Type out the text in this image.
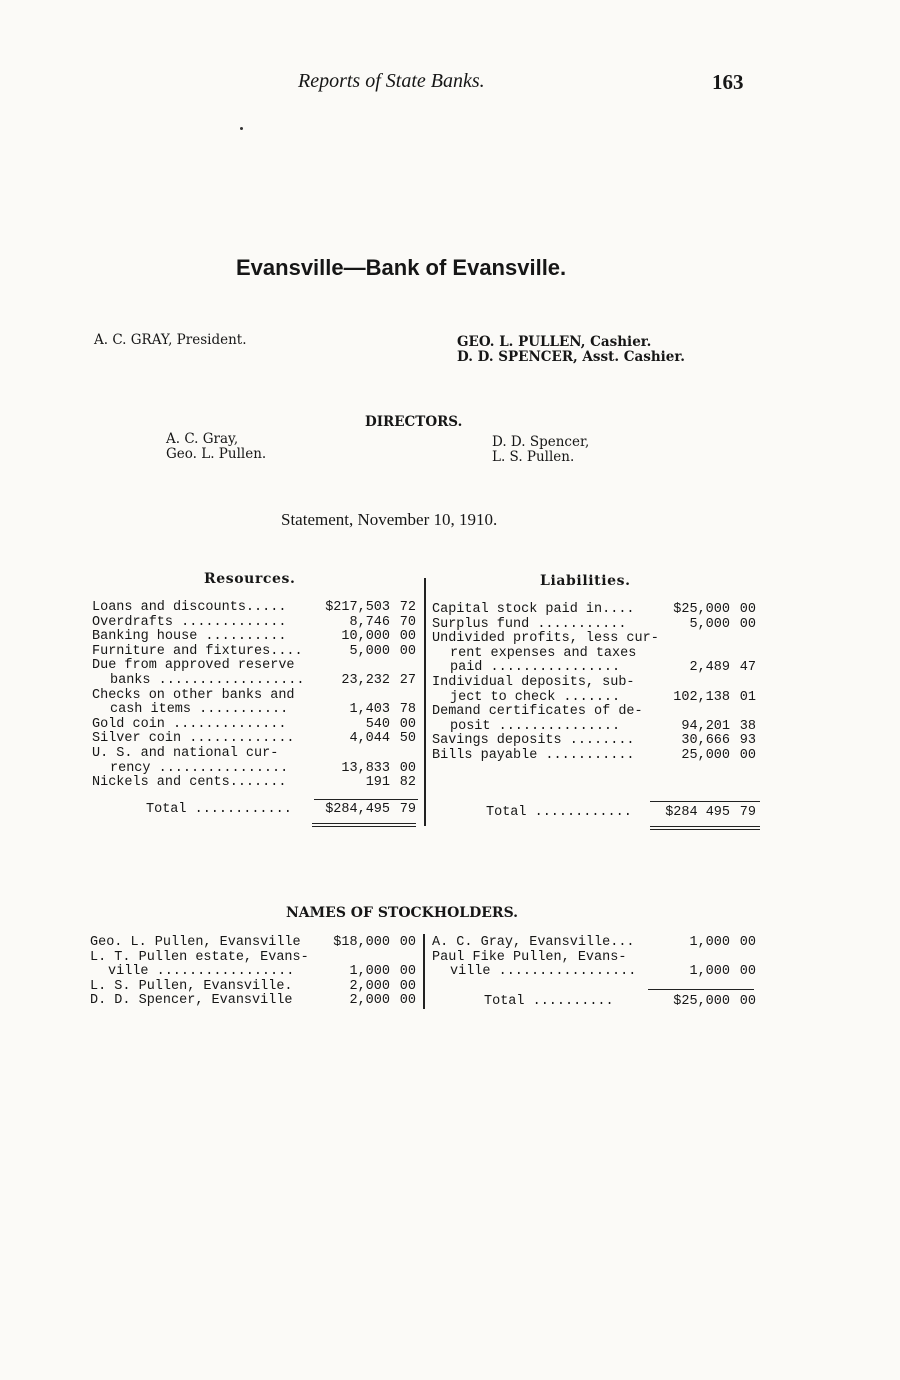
Reports of State Banks.	163
Evansville—Bank of Evansville.
A. C. GRAY, President.	GEO. L. PULLEN, Cashier.
D. D. SPENCER, Asst. Cashier.
DIRECTORS.
A. C. Gray,
Geo. L. Pullen.
D. D. Spencer,
L. S. Pullen.
Statement, November 10, 1910.
Resources.	Liabilities.
Loans and discounts.....	$217,503 72
Overdrafts .............	8,746 70
Banking house ..........	10,000 00
Furniture and fixtures....	5,000 00
Due from approved reserve
banks ..................	23,232 27
Checks on other banks and
cash items ...........	1,403 78
Gold coin ..............	540 00
Silver coin .............	4,044 50
U. S. and national cur-
rency ................	13,833 00
Nickels and cents.......	191 82
Total ............ $284,495 79
Capital stock paid in....	$25,000 00
Surplus fund ...........	5,000 00
Undivided profits, less cur-
rent expenses and taxes
paid ................	2,489 47
Individual deposits, sub-
ject to check .......	102,138 01
Demand certificates of de-
posit ...............	94,201 38
Savings deposits ........	30,666 93
Bills payable ...........	25,000 00
Total ............ $284 495 79
NAMES OF STOCKHOLDERS.
Geo. L. Pullen, Evansville $18,000 00
L. T. Pullen estate, Evans-
ville .................	1,000 00
L. S. Pullen, Evansville.	2,000 00
D. D. Spencer, Evansville	2,000 00
A. C. Gray, Evansville...	1,000 00
Paul Fike Pullen, Evans-
ville .................	1,000 00
Total ..........	$25,000 00
